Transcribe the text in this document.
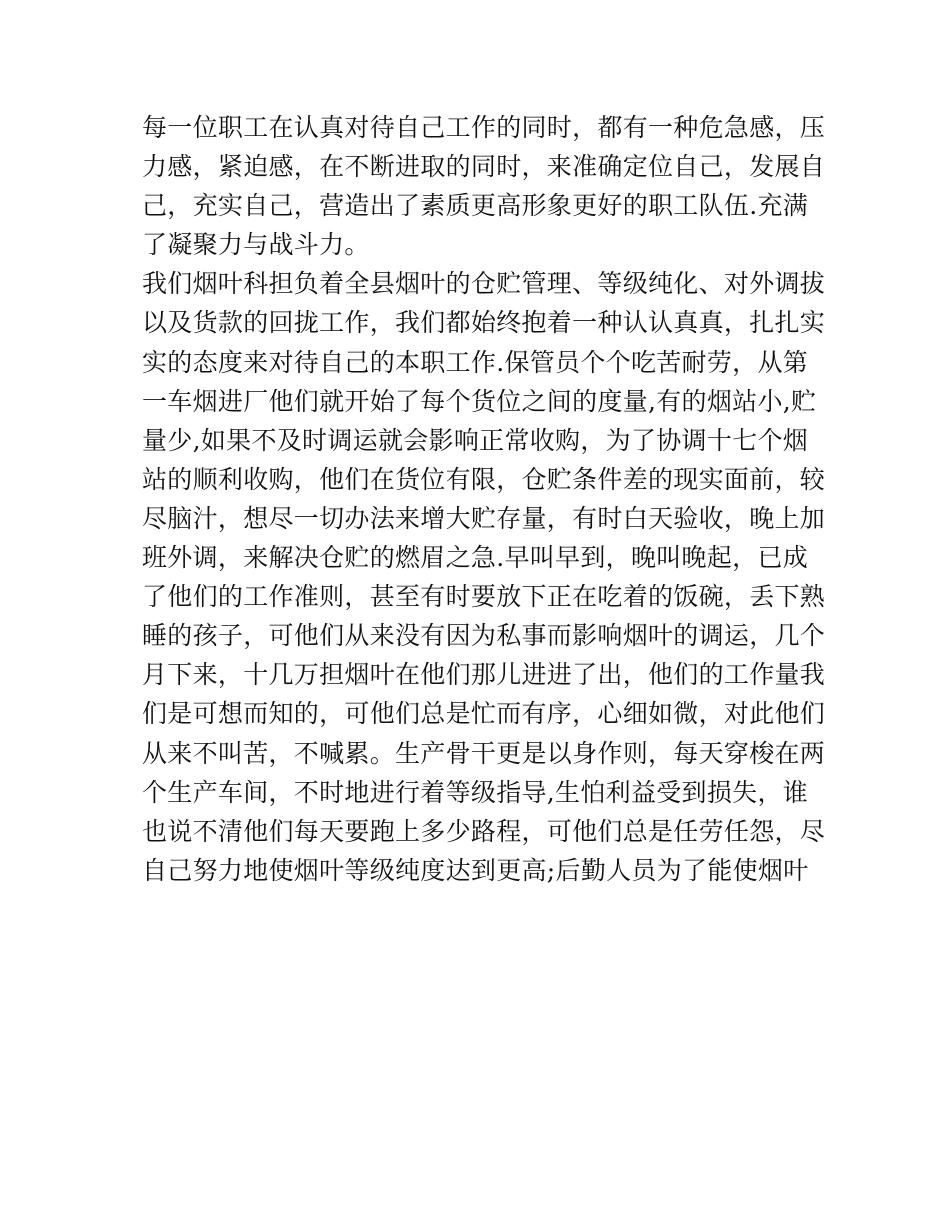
每一位职工在认真对待自己工作的同时，都有一种危急感，压

力感，紧迫感，在不断进取的同时，来准确定位自己，发展自

己，充实自己，营造出了素质更高形象更好的职工队伍.充满

了凝聚力与战斗力。

我们烟叶科担负着全县烟叶的仓贮管理、等级纯化、对外调拔

以及货款的回拢工作，我们都始终抱着一种认认真真，扎扎实

实的态度来对待自己的本职工作.保管员个个吃苦耐劳，从第

一车烟进厂他们就开始了每个货位之间的度量,有的烟站小,贮

量少,如果不及时调运就会影响正常收购，为了协调十七个烟

站的顺利收购，他们在货位有限，仓贮条件差的现实面前，较

尽脑汁，想尽一切办法来增大贮存量，有时白天验收，晚上加

班外调，来解决仓贮的燃眉之急.早叫早到，晚叫晚起，已成

了他们的工作准则，甚至有时要放下正在吃着的饭碗，丢下熟

睡的孩子，可他们从来没有因为私事而影响烟叶的调运，几个

月下来，十几万担烟叶在他们那儿进进了出，他们的工作量我

们是可想而知的，可他们总是忙而有序，心细如微，对此他们

从来不叫苦，不喊累。生产骨干更是以身作则，每天穿梭在两

个生产车间，不时地进行着等级指导,生怕利益受到损失，谁

也说不清他们每天要跑上多少路程，可他们总是任劳任怨，尽

自己努力地使烟叶等级纯度达到更高;后勤人员为了能使烟叶
